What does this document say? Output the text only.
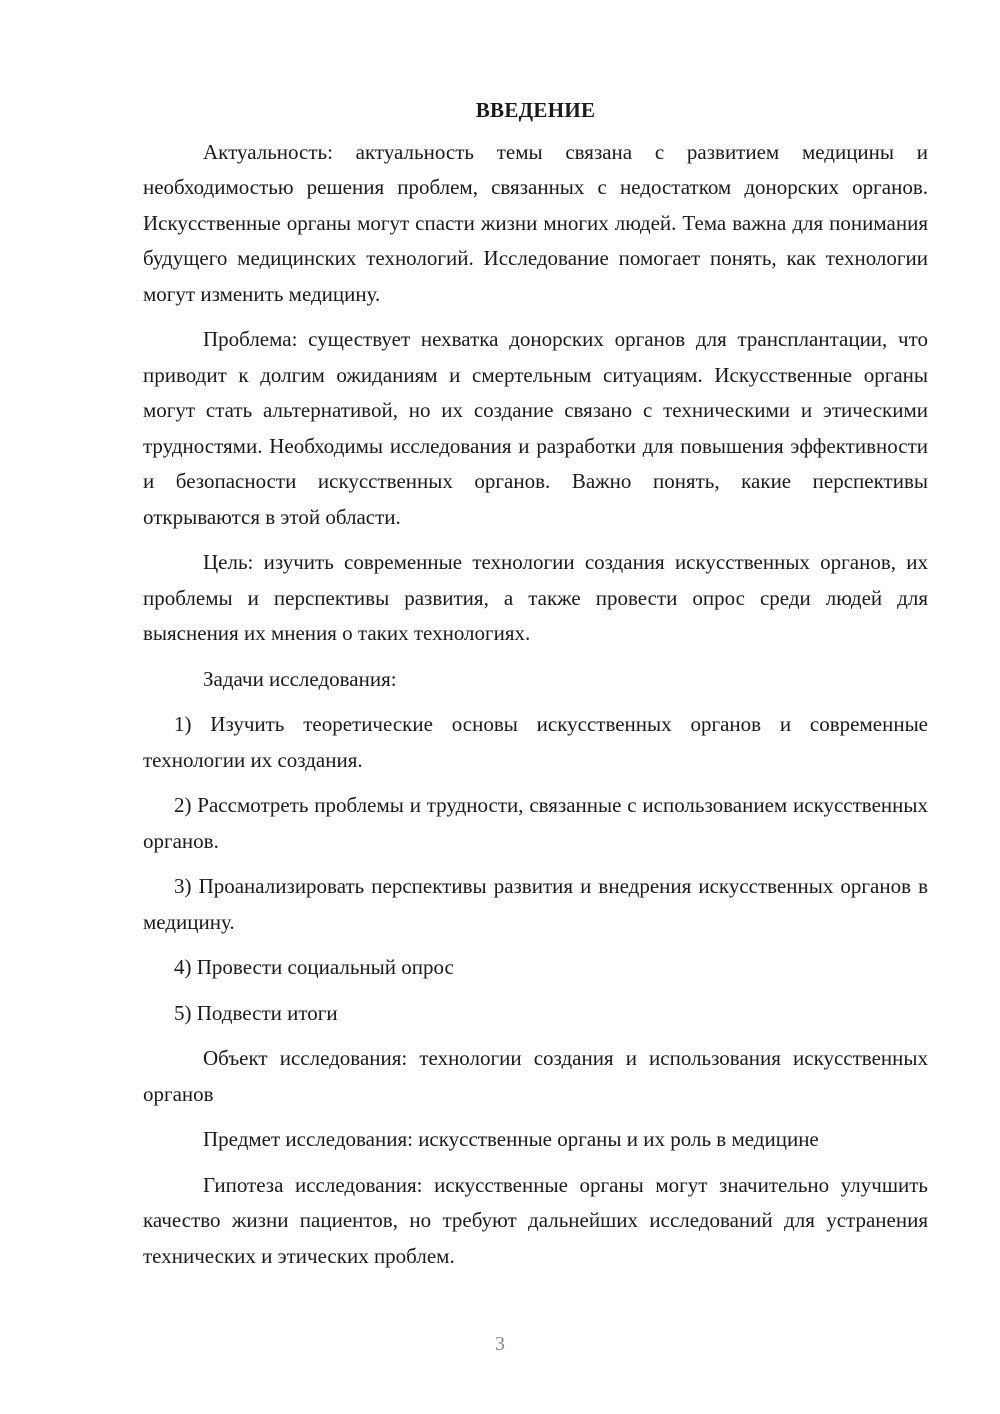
ВВЕДЕНИЕ

Актуальность: актуальность темы связана с развитием медицины и необходимостью решения проблем, связанных с недостатком донорских органов. Искусственные органы могут спасти жизни многих людей. Тема важна для понимания будущего медицинских технологий. Исследование помогает понять, как технологии могут изменить медицину.

Проблема: существует нехватка донорских органов для трансплантации, что приводит к долгим ожиданиям и смертельным ситуациям. Искусственные органы могут стать альтернативой, но их создание связано с техническими и этическими трудностями. Необходимы исследования и разработки для повышения эффективности и безопасности искусственных органов. Важно понять, какие перспективы открываются в этой области.

Цель: изучить современные технологии создания искусственных органов, их проблемы и перспективы развития, а также провести опрос среди людей для выяснения их мнения о таких технологиях.

Задачи исследования:

1) Изучить теоретические основы искусственных органов и современные технологии их создания.

2) Рассмотреть проблемы и трудности, связанные с использованием искусственных органов.

3) Проанализировать перспективы развития и внедрения искусственных органов в медицину.

4) Провести социальный опрос

5) Подвести итоги

Объект исследования: технологии создания и использования искусственных органов

Предмет исследования: искусственные органы и их роль в медицине

Гипотеза исследования: искусственные органы могут значительно улучшить качество жизни пациентов, но требуют дальнейших исследований для устранения технических и этических проблем.

3
